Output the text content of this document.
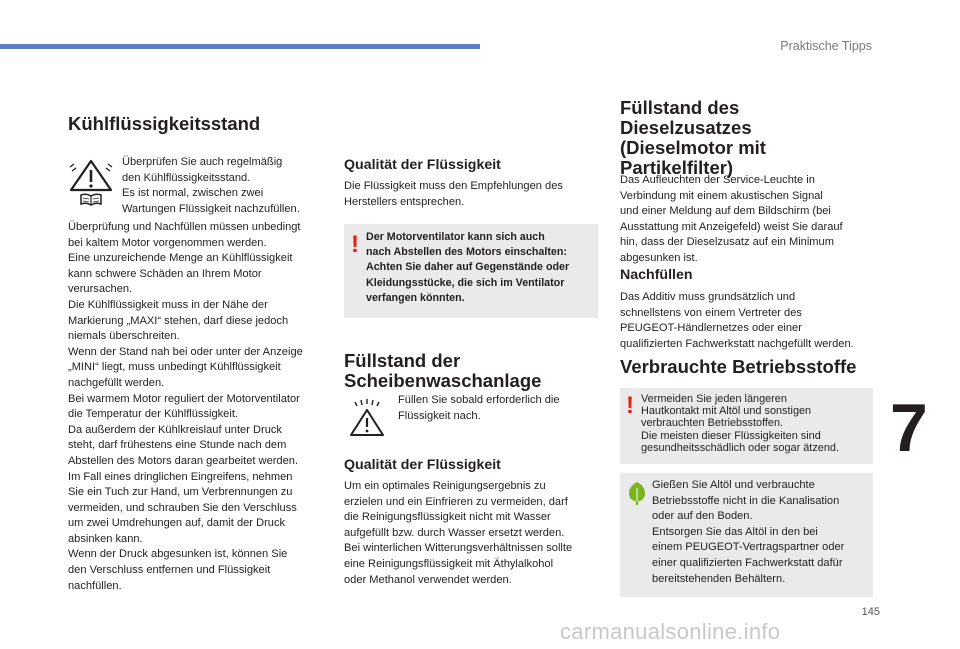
Praktische Tipps
7
145
carmanualsonline.info
Kühlflüssigkeitsstand
Überprüfen Sie auch regelmäßig
den Kühlflüssigkeitsstand.
Es ist normal, zwischen zwei
Wartungen Flüssigkeit nachzufüllen.
Überprüfung und Nachfüllen müssen unbedingt
bei kaltem Motor vorgenommen werden.
Eine unzureichende Menge an Kühlflüssigkeit
kann schwere Schäden an Ihrem Motor
verursachen.
Die Kühlflüssigkeit muss in der Nähe der
Markierung „MAXI“ stehen, darf diese jedoch
niemals überschreiten.
Wenn der Stand nah bei oder unter der Anzeige
„MINI“ liegt, muss unbedingt Kühlflüssigkeit
nachgefüllt werden.
Bei warmem Motor reguliert der Motorventilator
die Temperatur der Kühlflüssigkeit.
Da außerdem der Kühlkreislauf unter Druck
steht, darf frühestens eine Stunde nach dem
Abstellen des Motors daran gearbeitet werden.
Im Fall eines dringlichen Eingreifens, nehmen
Sie ein Tuch zur Hand, um Verbrennungen zu
vermeiden, und schrauben Sie den Verschluss
um zwei Umdrehungen auf, damit der Druck
absinken kann.
Wenn der Druck abgesunken ist, können Sie
den Verschluss entfernen und Flüssigkeit
nachfüllen.
Qualität der Flüssigkeit
Die Flüssigkeit muss den Empfehlungen des
Herstellers entsprechen.
! Der Motorventilator kann sich auch
nach Abstellen des Motors einschalten:
Achten Sie daher auf Gegenstände oder
Kleidungsstücke, die sich im Ventilator
verfangen könnten.
Füllstand der
Scheibenwaschanlage
Füllen Sie sobald erforderlich die
Flüssigkeit nach.
Qualität der Flüssigkeit
Um ein optimales Reinigungsergebnis zu
erzielen und ein Einfrieren zu vermeiden, darf
die Reinigungsflüssigkeit nicht mit Wasser
aufgefüllt bzw. durch Wasser ersetzt werden.
Bei winterlichen Witterungsverhältnissen sollte
eine Reinigungsflüssigkeit mit Äthylalkohol
oder Methanol verwendet werden.
Füllstand des
Dieselzusatzes
(Dieselmotor mit
Partikelfilter)
Das Aufleuchten der Service-Leuchte in
Verbindung mit einem akustischen Signal
und einer Meldung auf dem Bildschirm (bei
Ausstattung mit Anzeigefeld) weist Sie darauf
hin, dass der Dieselzusatz auf ein Minimum
abgesunken ist.
Nachfüllen
Das Additiv muss grundsätzlich und
schnellstens von einem Vertreter des
PEUGEOT-Händlernetzes oder einer
qualifizierten Fachwerkstatt nachgefüllt werden.
Verbrauchte Betriebsstoffe
! Vermeiden Sie jeden längeren
Hautkontakt mit Altöl und sonstigen
verbrauchten Betriebsstoffen.
Die meisten dieser Flüssigkeiten sind
gesundheitsschädlich oder sogar ätzend.
Gießen Sie Altöl und verbrauchte
Betriebsstoffe nicht in die Kanalisation
oder auf den Boden.
Entsorgen Sie das Altöl in den bei
einem PEUGEOT-Vertragspartner oder
einer qualifizierten Fachwerkstatt dafür
bereitstehenden Behältern.
